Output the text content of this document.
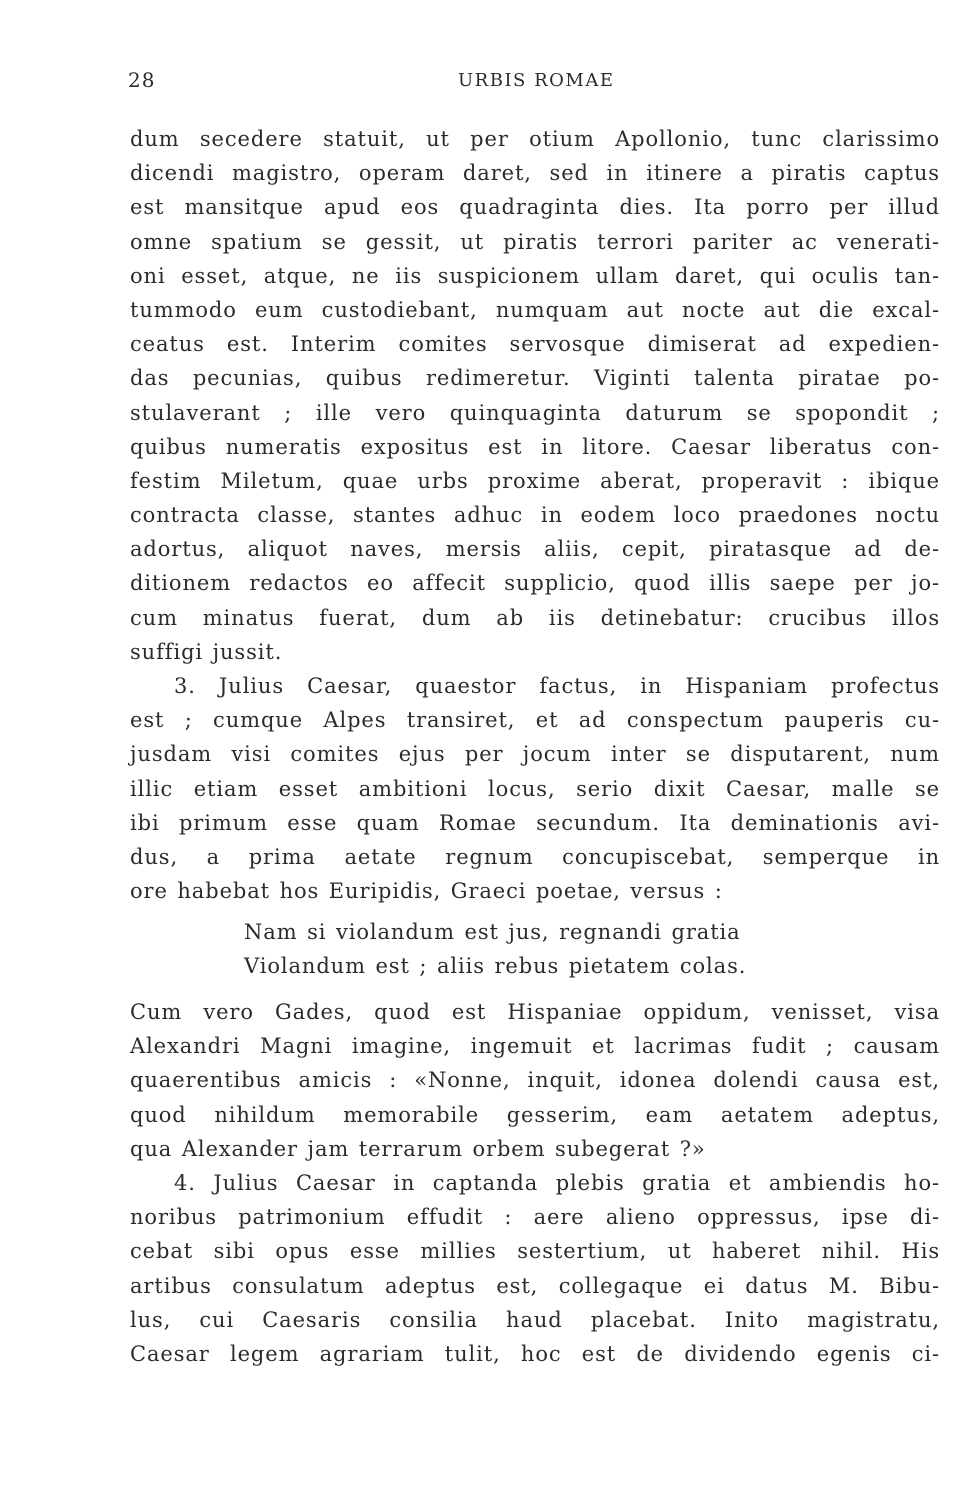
28	URBIS ROMAE
dum secedere statuit, ut per otium Apollonio, tunc clarissimo
dicendi magistro, operam daret, sed in itinere a piratis captus
est mansitque apud eos quadraginta dies. Ita porro per illud
omne spatium se gessit, ut piratis terrori pariter ac venerati-
oni esset, atque, ne iis suspicionem ullam daret, qui oculis tan-
tummodo eum custodiebant, numquam aut nocte aut die excal-
ceatus est. Interim comites servosque dimiserat ad expedien-
das pecunias, quibus redimeretur. Viginti talenta piratae po-
stulaverant ; ille vero quinquaginta daturum se spopondit ;
quibus numeratis expositus est in litore. Caesar liberatus con-
festim Miletum, quae urbs proxime aberat, properavit : ibique
contracta classe, stantes adhuc in eodem loco praedones noctu
adortus, aliquot naves, mersis aliis, cepit, piratasque ad de-
ditionem redactos eo affecit supplicio, quod illis saepe per jo-
cum minatus fuerat, dum ab iis detinebatur: crucibus illos
suffigi jussit.
3. Julius Caesar, quaestor factus, in Hispaniam profectus
est ; cumque Alpes transiret, et ad conspectum pauperis cu-
jusdam visi comites ejus per jocum inter se disputarent, num
illic etiam esset ambitioni locus, serio dixit Caesar, malle se
ibi primum esse quam Romae secundum. Ita deminationis avi-
dus, a prima aetate regnum concupiscebat, semperque in
ore habebat hos Euripidis, Graeci poetae, versus :
Nam si violandum est jus, regnandi gratia
Violandum est ; aliis rebus pietatem colas.
Cum vero Gades, quod est Hispaniae oppidum, venisset, visa
Alexandri Magni imagine, ingemuit et lacrimas fudit ; causam
quaerentibus amicis : «Nonne, inquit, idonea dolendi causa est,
quod nihildum memorabile gesserim, eam aetatem adeptus,
qua Alexander jam terrarum orbem subegerat ?»
4. Julius Caesar in captanda plebis gratia et ambiendis ho-
noribus patrimonium effudit : aere alieno oppressus, ipse di-
cebat sibi opus esse millies sestertium, ut haberet nihil. His
artibus consulatum adeptus est, collegaque ei datus M. Bibu-
lus, cui Caesaris consilia haud placebat. Inito magistratu,
Caesar legem agrariam tulit, hoc est de dividendo egenis ci-
